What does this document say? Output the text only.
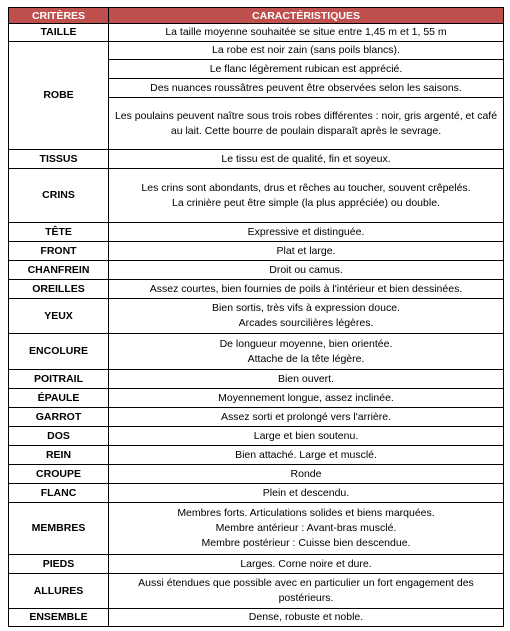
CRITÈRES	CARACTÉRISTIQUES
TAILLE	La taille moyenne souhaitée se situe entre 1,45 m et 1, 55 m

ROBE	La robe est noir zain (sans poils blancs).

	Le flanc légèrement rubican est apprécié.

	Des nuances roussâtres peuvent être observées selon les saisons.

	Les poulains peuvent naître sous trois robes différentes : noir, gris argenté, et café au lait. Cette bourre de poulain disparaît après le sevrage.

TISSUS	Le tissu est de qualité, fin et soyeux.

CRINS	Les crins sont abondants, drus et rêches au toucher, souvent crêpelés.
La crinière peut être simple (la plus appréciée) ou double.

TÊTE	Expressive et distinguée.

FRONT	Plat et large.

CHANFREIN	Droit ou camus.

OREILLES	Assez courtes, bien fournies de poils à l'intérieur et bien dessinées.

YEUX	Bien sortis, très vifs à expression douce.
Arcades sourcilières légères.

ENCOLURE	De longueur moyenne, bien orientée.
Attache de la tête légère.

POITRAIL	Bien ouvert.

ÉPAULE	Moyennement longue, assez inclinée.

GARROT	Assez sorti et prolongé vers l'arrière.

DOS	Large et bien soutenu.

REIN	Bien attaché. Large et musclé.

CROUPE	Ronde

FLANC	Plein et descendu.

MEMBRES	Membres forts. Articulations solides et biens marquées.
Membre antérieur : Avant-bras musclé.
Membre postérieur : Cuisse bien descendue.

PIEDS	Larges. Corne noire et dure.

ALLURES	Aussi étendues que possible avec en particulier un fort engagement des postérieurs.

ENSEMBLE	Dense, robuste et noble.
